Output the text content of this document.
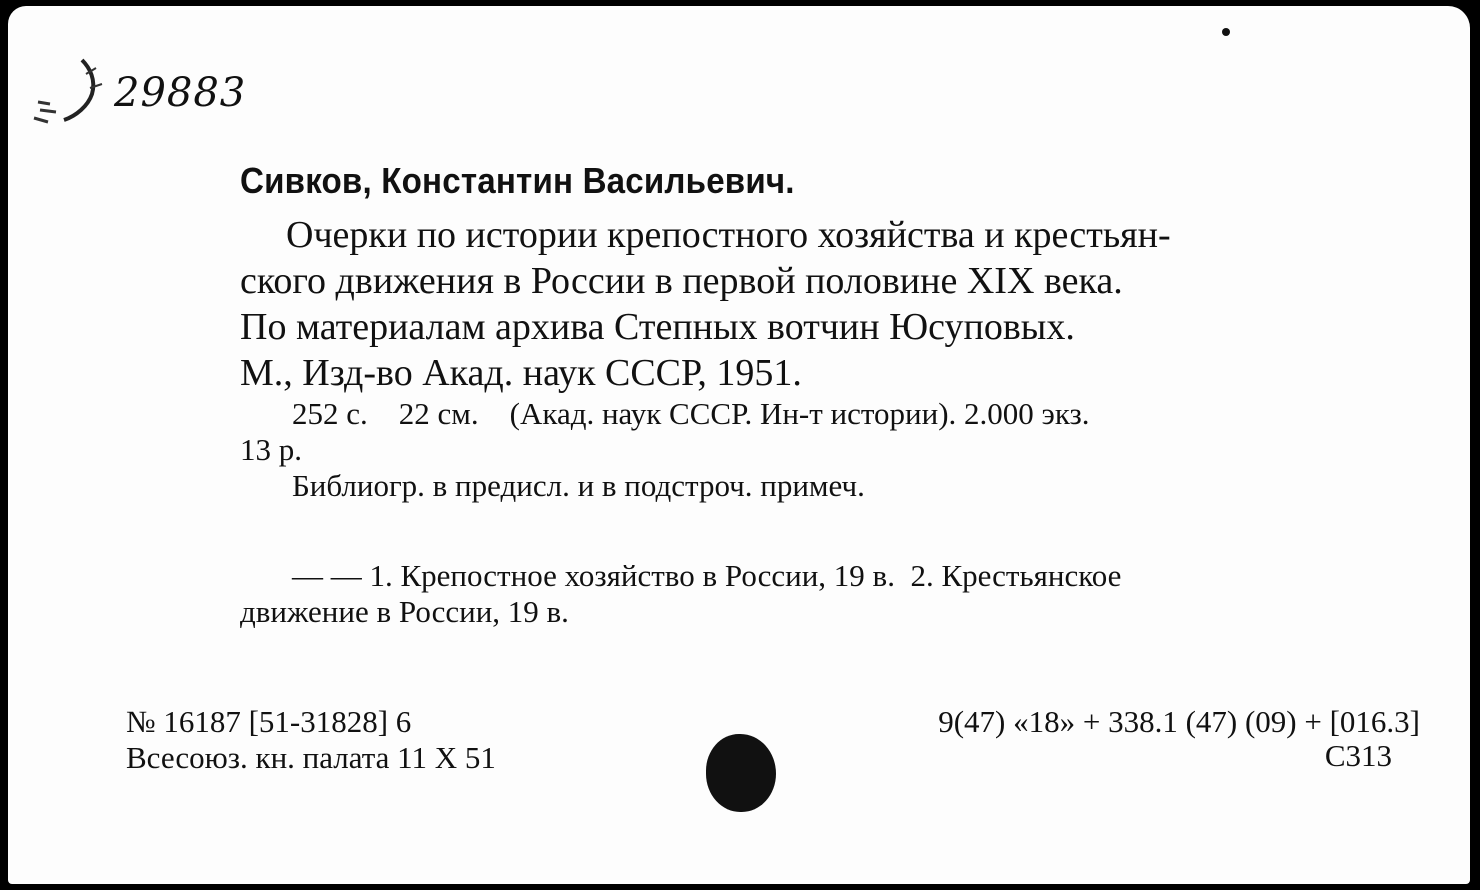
29883
Сивков, Константин Васильевич.
Очерки по истории крепостного хозяйства и крестьян-
ского движения в России в первой половине XIX века.
По материалам архива Степных вотчин Юсуповых.
М., Изд-во Акад. наук СССР, 1951.
252 с.    22 см.    (Акад. наук СССР. Ин-т истории). 2.000 экз.
13 р.
Библиогр. в предисл. и в подстроч. примеч.
— — 1. Крепостное хозяйство в России, 19 в.  2. Крестьянское
движение в России, 19 в.
№ 16187 [51-31828] 6
Всесоюз. кн. палата 11 X 51
9(47) «18» + 338.1 (47) (09) + [016.3]
С313
